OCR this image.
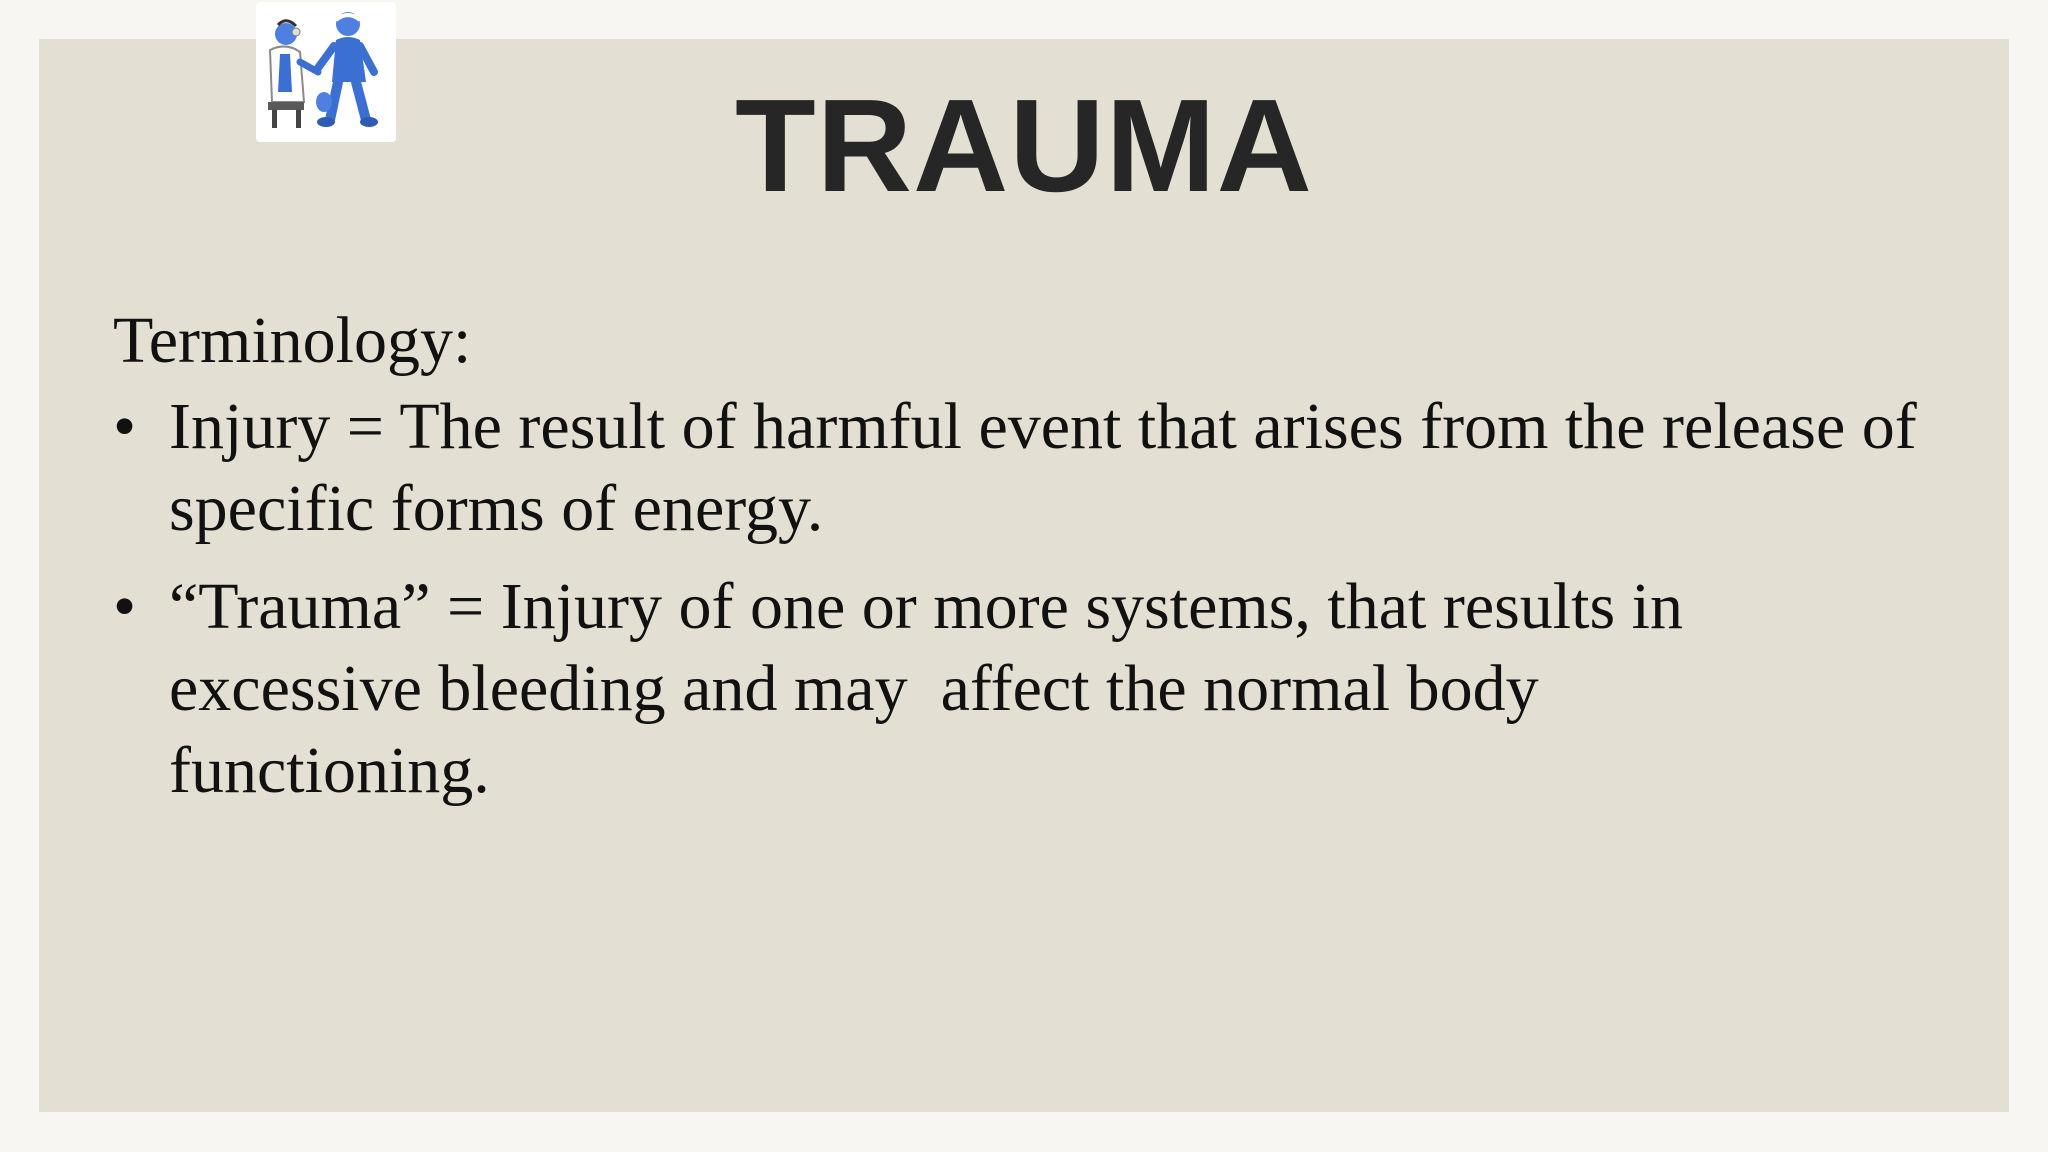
TRAUMA

Terminology:

• Injury = The result of harmful event that arises from the release of
specific forms of energy.
• “Trauma” = Injury of one or more systems, that results in
excessive bleeding and may  affect the normal body
functioning.
